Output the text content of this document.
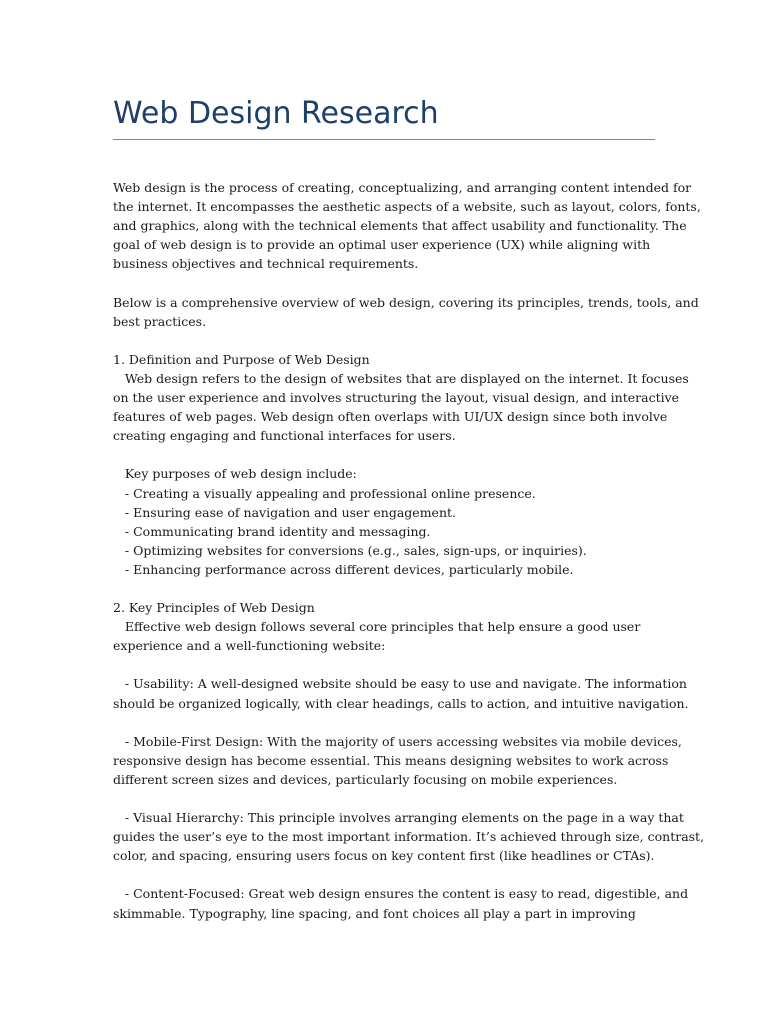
Web Design Research
Web design is the process of creating, conceptualizing, and arranging content intended for
the internet. It encompasses the aesthetic aspects of a website, such as layout, colors, fonts,
and graphics, along with the technical elements that affect usability and functionality. The
goal of web design is to provide an optimal user experience (UX) while aligning with
business objectives and technical requirements.
Below is a comprehensive overview of web design, covering its principles, trends, tools, and
best practices.
1. Definition and Purpose of Web Design
Web design refers to the design of websites that are displayed on the internet. It focuses
on the user experience and involves structuring the layout, visual design, and interactive
features of web pages. Web design often overlaps with UI/UX design since both involve
creating engaging and functional interfaces for users.
Key purposes of web design include:
- Creating a visually appealing and professional online presence.
- Ensuring ease of navigation and user engagement.
- Communicating brand identity and messaging.
- Optimizing websites for conversions (e.g., sales, sign-ups, or inquiries).
- Enhancing performance across different devices, particularly mobile.
2. Key Principles of Web Design
Effective web design follows several core principles that help ensure a good user
experience and a well-functioning website:
- Usability: A well-designed website should be easy to use and navigate. The information
should be organized logically, with clear headings, calls to action, and intuitive navigation.
- Mobile-First Design: With the majority of users accessing websites via mobile devices,
responsive design has become essential. This means designing websites to work across
different screen sizes and devices, particularly focusing on mobile experiences.
- Visual Hierarchy: This principle involves arranging elements on the page in a way that
guides the user’s eye to the most important information. It’s achieved through size, contrast,
color, and spacing, ensuring users focus on key content first (like headlines or CTAs).
- Content-Focused: Great web design ensures the content is easy to read, digestible, and
skimmable. Typography, line spacing, and font choices all play a part in improving
